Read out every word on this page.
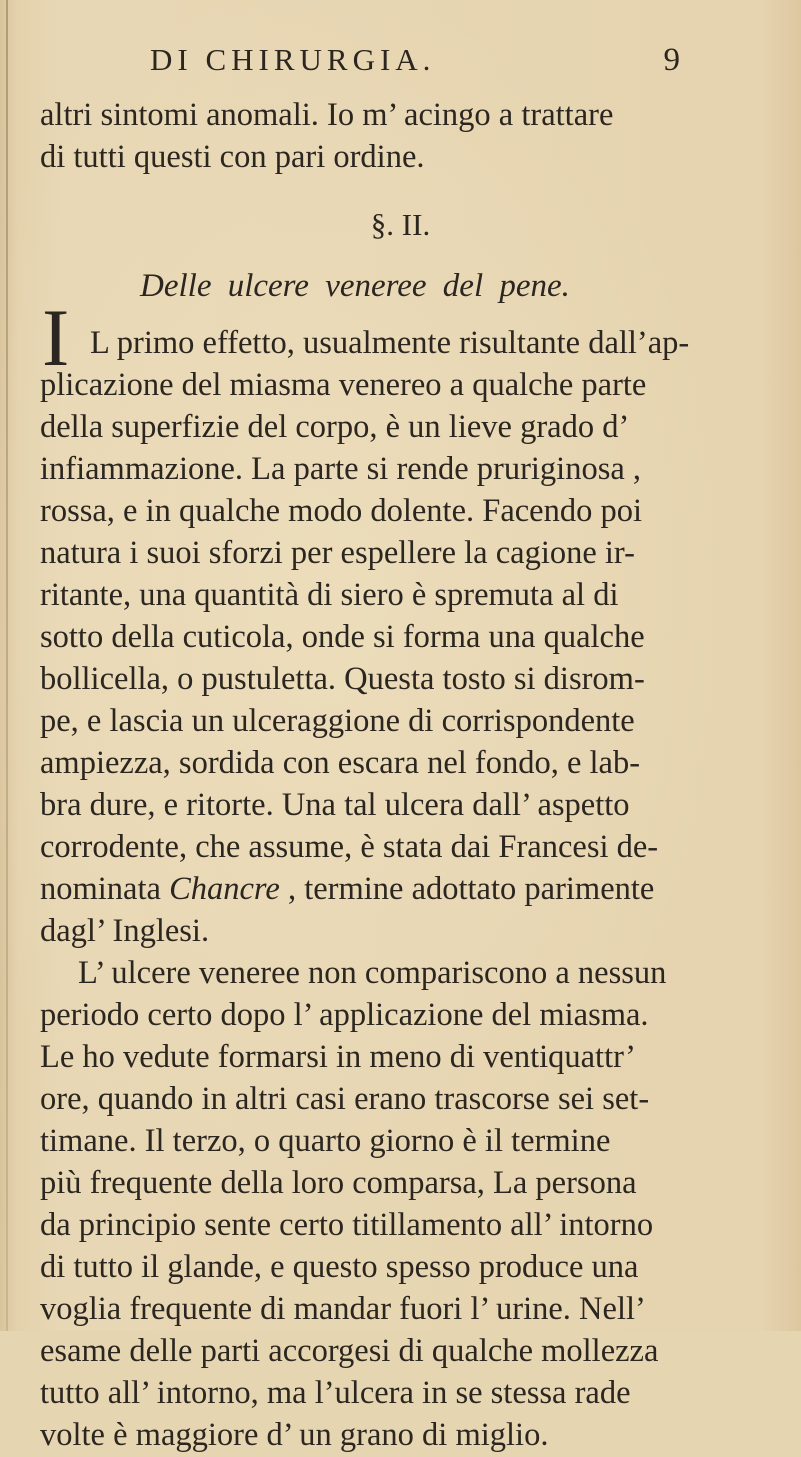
DI CHIRURGIA.	9
altri sintomi anomali. Io m’ acingo a trattare
di tutti questi con pari ordine.
§. II.
Delle ulcere veneree del pene.
I L primo effetto, usualmente risultante dall’ap-
plicazione del miasma venereo a qualche parte
della superfizie del corpo, è un lieve grado d’
infiammazione. La parte si rende pruriginosa ,
rossa, e in qualche modo dolente. Facendo poi
natura i suoi sforzi per espellere la cagione ir-
ritante, una quantità di siero è spremuta al di
sotto della cuticola, onde si forma una qualche
bollicella, o pustuletta. Questa tosto si disrom-
pe, e lascia un ulceraggione di corrispondente
ampiezza, sordida con escara nel fondo, e lab-
bra dure, e ritorte. Una tal ulcera dall’ aspetto
corrodente, che assume, è stata dai Francesi de-
nominata Chancre , termine adottato parimente
dagl’ Inglesi.
L’ ulcere veneree non compariscono a nessun
periodo certo dopo l’ applicazione del miasma.
Le ho vedute formarsi in meno di ventiquattr’
ore, quando in altri casi erano trascorse sei set-
timane. Il terzo, o quarto giorno è il termine
più frequente della loro comparsa, La persona
da principio sente certo titillamento all’ intorno
di tutto il glande, e questo spesso produce una
voglia frequente di mandar fuori l’ urine. Nell’
esame delle parti accorgesi di qualche mollezza
tutto all’ intorno, ma l’ulcera in se stessa rade
volte è maggiore d’ un grano di miglio.
